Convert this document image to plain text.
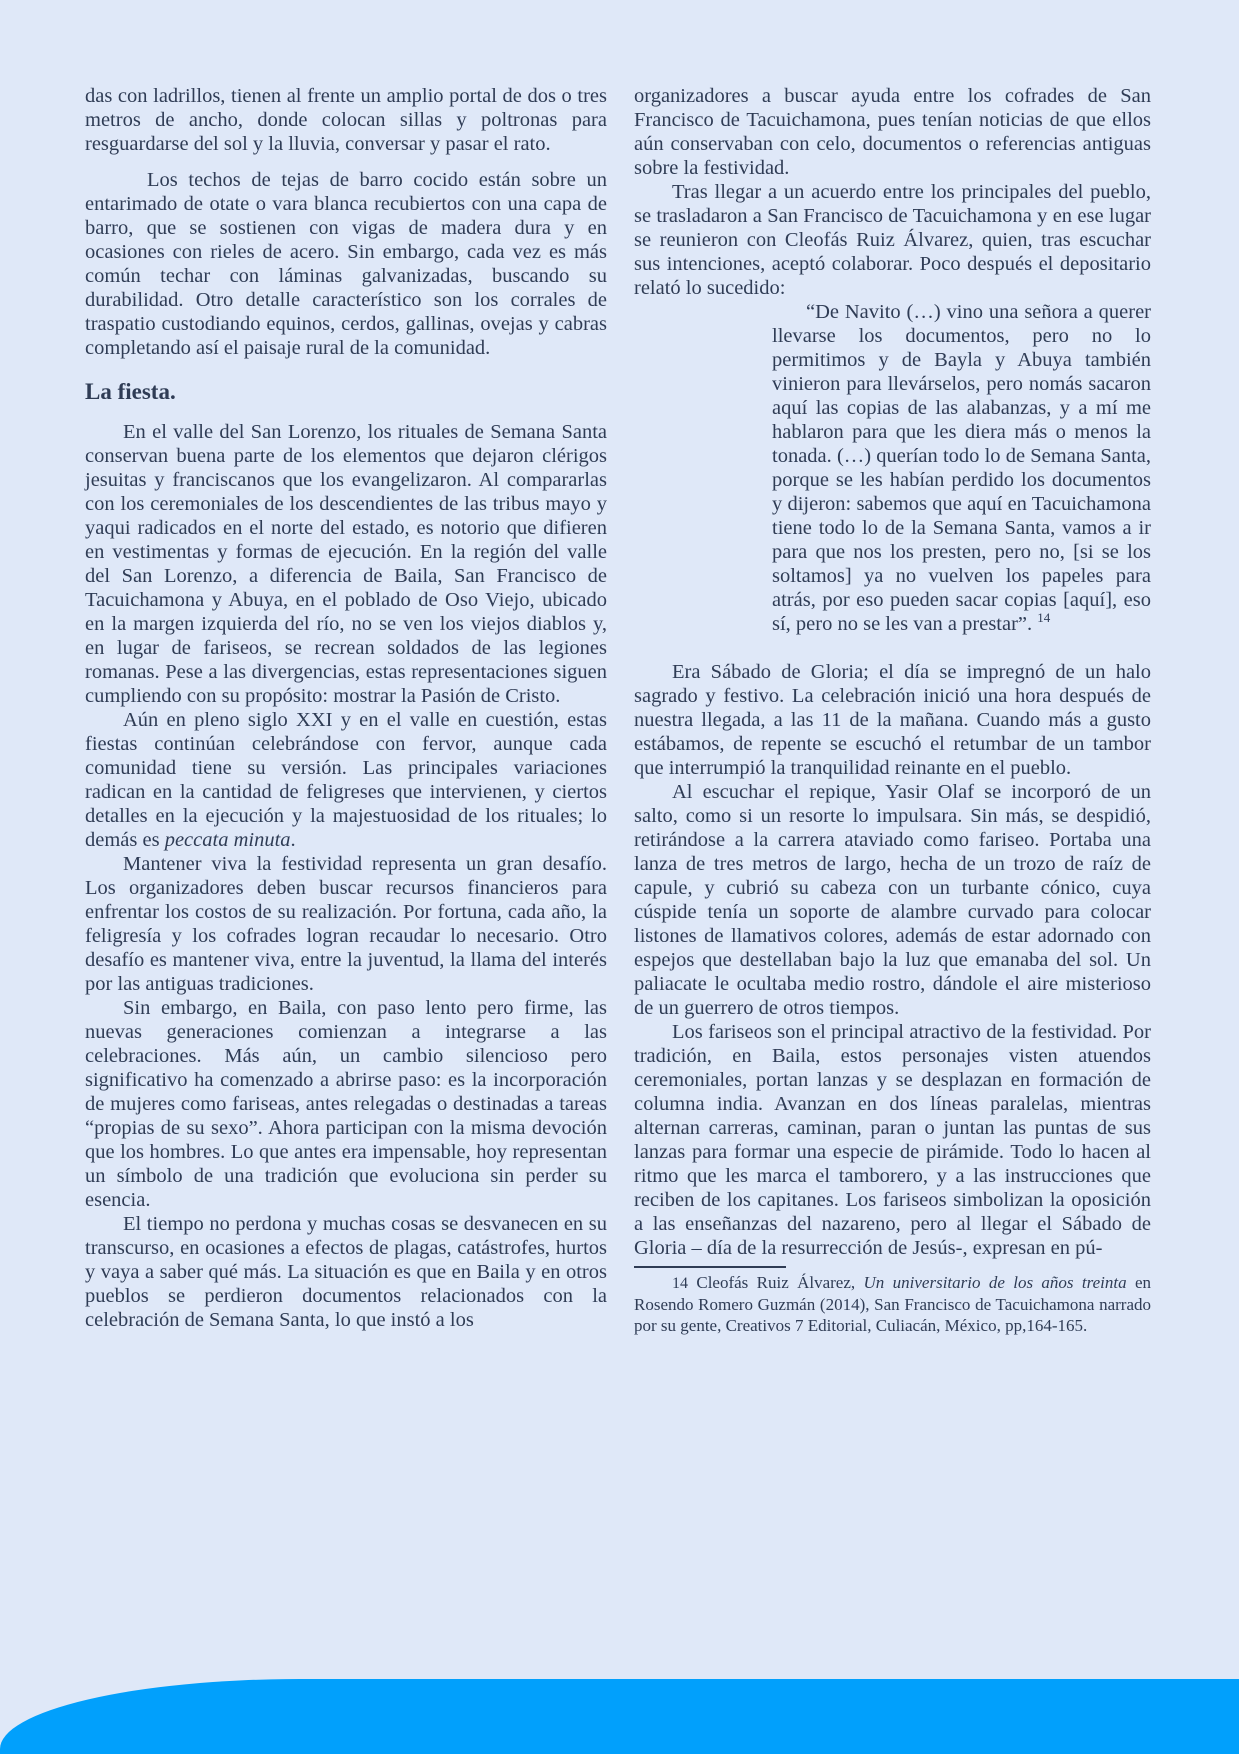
das con ladrillos, tienen al frente un amplio portal de dos o tres metros de ancho, donde colocan sillas y poltronas para resguardarse del sol y la lluvia, conversar y pasar el rato.

Los techos de tejas de barro cocido están sobre un entarimado de otate o vara blanca recubiertos con una capa de barro, que se sostienen con vigas de madera dura y en ocasiones con rieles de acero. Sin embargo, cada vez es más común techar con láminas galvanizadas, buscando su durabilidad. Otro detalle característico son los corrales de traspatio custodiando equinos, cerdos, gallinas, ovejas y cabras completando así el paisaje rural de la comunidad.

La fiesta.

En el valle del San Lorenzo, los rituales de Semana Santa conservan buena parte de los elementos que dejaron clérigos jesuitas y franciscanos que los evangelizaron. Al compararlas con los ceremoniales de los descendientes de las tribus mayo y yaqui radicados en el norte del estado, es notorio que difieren en vestimentas y formas de ejecución. En la región del valle del San Lorenzo, a diferencia de Baila, San Francisco de Tacuichamona y Abuya, en el poblado de Oso Viejo, ubicado en la margen izquierda del río, no se ven los viejos diablos y, en lugar de fariseos, se recrean soldados de las legiones romanas. Pese a las divergencias, estas representaciones siguen cumpliendo con su propósito: mostrar la Pasión de Cristo.

Aún en pleno siglo XXI y en el valle en cuestión, estas fiestas continúan celebrándose con fervor, aunque cada comunidad tiene su versión. Las principales variaciones radican en la cantidad de feligreses que intervienen, y ciertos detalles en la ejecución y la majestuosidad de los rituales; lo demás es peccata minuta.

Mantener viva la festividad representa un gran desafío. Los organizadores deben buscar recursos financieros para enfrentar los costos de su realización. Por fortuna, cada año, la feligresía y los cofrades logran recaudar lo necesario. Otro desafío es mantener viva, entre la juventud, la llama del interés por las antiguas tradiciones.

Sin embargo, en Baila, con paso lento pero firme, las nuevas generaciones comienzan a integrarse a las celebraciones. Más aún, un cambio silencioso pero significativo ha comenzado a abrirse paso: es la incorporación de mujeres como fariseas, antes relegadas o destinadas a tareas “propias de su sexo”. Ahora participan con la misma devoción que los hombres. Lo que antes era impensable, hoy representan un símbolo de una tradición que evoluciona sin perder su esencia.

El tiempo no perdona y muchas cosas se desvanecen en su transcurso, en ocasiones a efectos de plagas, catástrofes, hurtos y vaya a saber qué más. La situación es que en Baila y en otros pueblos se perdieron documentos relacionados con la celebración de Semana Santa, lo que instó a los

organizadores a buscar ayuda entre los cofrades de San Francisco de Tacuichamona, pues tenían noticias de que ellos aún conservaban con celo, documentos o referencias antiguas sobre la festividad.

Tras llegar a un acuerdo entre los principales del pueblo, se trasladaron a San Francisco de Tacuichamona y en ese lugar se reunieron con Cleofás Ruiz Álvarez, quien, tras escuchar sus intenciones, aceptó colaborar. Poco después el depositario relató lo sucedido:

“De Navito (…) vino una señora a querer llevarse los documentos, pero no lo permitimos y de Bayla y Abuya también vinieron para llevárselos, pero nomás sacaron aquí las copias de las alabanzas, y a mí me hablaron para que les diera más o menos la tonada. (…) querían todo lo de Semana Santa, porque se les habían perdido los documentos y dijeron: sabemos que aquí en Tacuichamona tiene todo lo de la Semana Santa, vamos a ir para que nos los presten, pero no, [si se los soltamos] ya no vuelven los papeles para atrás, por eso pueden sacar copias [aquí], eso sí, pero no se les van a prestar”. $^{14}$

Era Sábado de Gloria; el día se impregnó de un halo sagrado y festivo. La celebración inició una hora después de nuestra llegada, a las 11 de la mañana. Cuando más a gusto estábamos, de repente se escuchó el retumbar de un tambor que interrumpió la tranquilidad reinante en el pueblo.

Al escuchar el repique, Yasir Olaf se incorporó de un salto, como si un resorte lo impulsara. Sin más, se despidió, retirándose a la carrera ataviado como fariseo. Portaba una lanza de tres metros de largo, hecha de un trozo de raíz de capule, y cubrió su cabeza con un turbante cónico, cuya cúspide tenía un soporte de alambre curvado para colocar listones de llamativos colores, además de estar adornado con espejos que destellaban bajo la luz que emanaba del sol. Un paliacate le ocultaba medio rostro, dándole el aire misterioso de un guerrero de otros tiempos.

Los fariseos son el principal atractivo de la festividad. Por tradición, en Baila, estos personajes visten atuendos ceremoniales, portan lanzas y se desplazan en formación de columna india. Avanzan en dos líneas paralelas, mientras alternan carreras, caminan, paran o juntan las puntas de sus lanzas para formar una especie de pirámide. Todo lo hacen al ritmo que les marca el tamborero, y a las instrucciones que reciben de los capitanes. Los fariseos simbolizan la oposición a las enseñanzas del nazareno, pero al llegar el Sábado de Gloria – día de la resurrección de Jesús-, expresan en pú-

14 Cleofás Ruiz Álvarez, Un universitario de los años treinta en Rosendo Romero Guzmán (2014), San Francisco de Tacuichamona narrado por su gente, Creativos 7 Editorial, Culiacán, México, pp,164-165.
